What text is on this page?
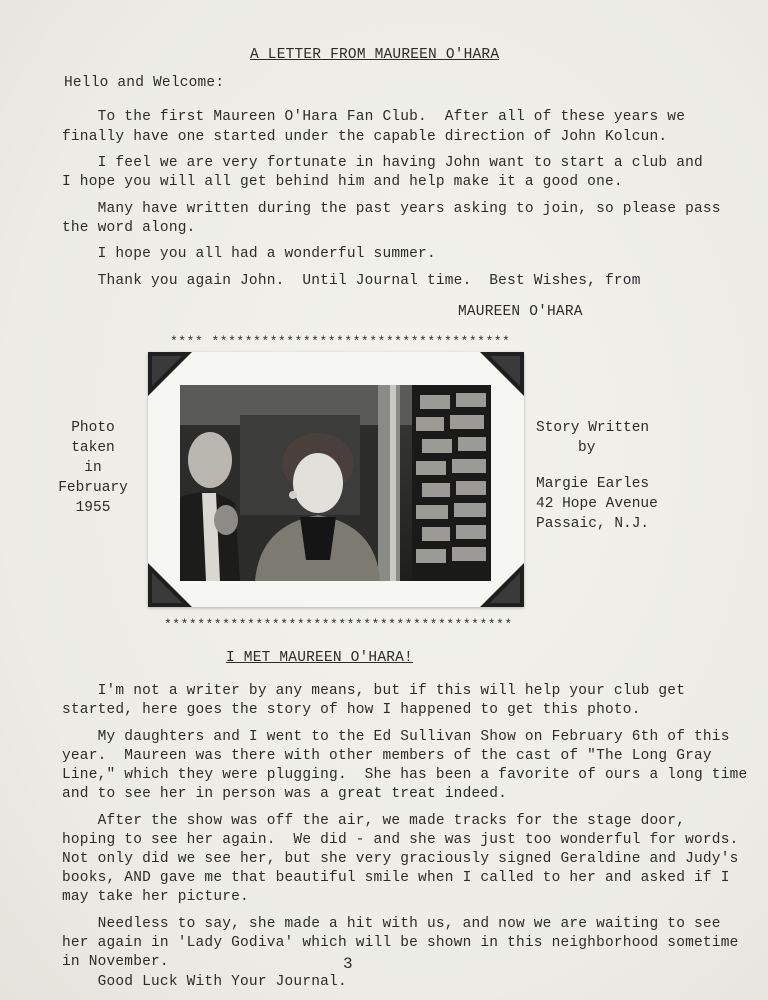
A LETTER FROM MAUREEN O'HARA
Hello and Welcome:
To the first Maureen O'Hara Fan Club.  After all of these years we
finally have one started under the capable direction of John Kolcun.
I feel we are very fortunate in having John want to start a club and
I hope you will all get behind him and help make it a good one.
Many have written during the past years asking to join, so please pass
the word along.
I hope you all had a wonderful summer.
Thank you again John.  Until Journal time.  Best Wishes, from
MAUREEN O'HARA
**** ************************************
Photo
taken
in
February
1955
Story Written
by
Margie Earles
42 Hope Avenue
Passaic, N.J.
******************************************
I MET MAUREEN O'HARA!
I'm not a writer by any means, but if this will help your club get
started, here goes the story of how I happened to get this photo.
My daughters and I went to the Ed Sullivan Show on February 6th of this
year.  Maureen was there with other members of the cast of "The Long Gray
Line," which they were plugging.  She has been a favorite of ours a long time
and to see her in person was a great treat indeed.
After the show was off the air, we made tracks for the stage door,
hoping to see her again.  We did - and she was just too wonderful for words.
Not only did we see her, but she very graciously signed Geraldine and Judy's
books, AND gave me that beautiful smile when I called to her and asked if I
may take her picture.
Needless to say, she made a hit with us, and now we are waiting to see
her again in 'Lady Godiva' which will be shown in this neighborhood sometime
in November.
Good Luck With Your Journal.
3
